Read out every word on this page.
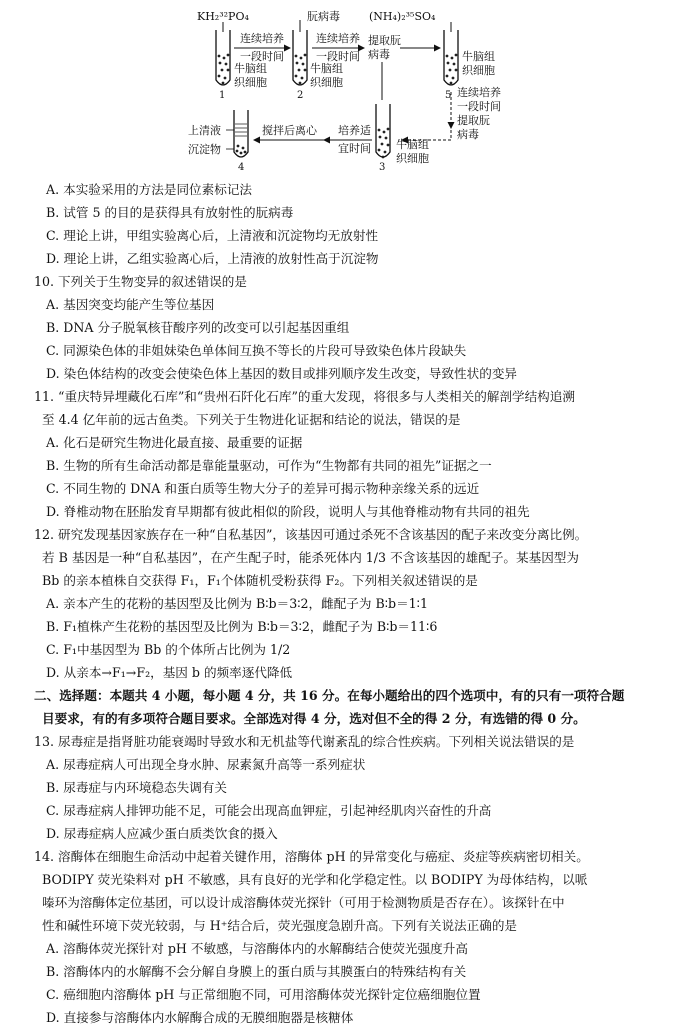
KH₂³²PO₄	(NH₄)₂³⁵SO₄
朊病毒
1
连续培养
一段时间
牛脑组
织细胞
2
牛脑组
织细胞
连续培养
一段时间
提取朊
病毒
5
牛脑组
织细胞
连续培养
一段时间
提取朊
病毒
3
牛脑组
织细胞
培养适
宜时间
搅拌后离心
上清液
沉淀物
4
A. 本实验采用的方法是同位素标记法
B. 试管 5 的目的是获得具有放射性的朊病毒
C. 理论上讲，甲组实验离心后，上清液和沉淀物均无放射性
D. 理论上讲，乙组实验离心后，上清液的放射性高于沉淀物
10. 下列关于生物变异的叙述错误的是
A. 基因突变均能产生等位基因
B. DNA 分子脱氧核苷酸序列的改变可以引起基因重组
C. 同源染色体的非姐妹染色单体间互换不等长的片段可导致染色体片段缺失
D. 染色体结构的改变会使染色体上基因的数目或排列顺序发生改变，导致性状的变异
11. “重庆特异埋藏化石库”和“贵州石阡化石库”的重大发现，将很多与人类相关的解剖学结构追溯
至 4.4 亿年前的远古鱼类。下列关于生物进化证据和结论的说法，错误的是
A. 化石是研究生物进化最直接、最重要的证据
B. 生物的所有生命活动都是靠能量驱动，可作为“生物都有共同的祖先”证据之一
C. 不同生物的 DNA 和蛋白质等生物大分子的差异可揭示物种亲缘关系的远近
D. 脊椎动物在胚胎发育早期都有彼此相似的阶段，说明人与其他脊椎动物有共同的祖先
12. 研究发现基因家族存在一种“自私基因”，该基因可通过杀死不含该基因的配子来改变分离比例。
若 B 基因是一种“自私基因”，在产生配子时，能杀死体内 1/3 不含该基因的雄配子。某基因型为
Bb 的亲本植株自交获得 F₁，F₁个体随机受粉获得 F₂。下列相关叙述错误的是
A. 亲本产生的花粉的基因型及比例为 B∶b＝3∶2，雌配子为 B∶b＝1∶1
B. F₁植株产生花粉的基因型及比例为 B∶b＝3∶2，雌配子为 B∶b＝11∶6
C. F₁中基因型为 Bb 的个体所占比例为 1/2
D. 从亲本→F₁→F₂，基因 b 的频率逐代降低
二、选择题：本题共 4 小题，每小题 4 分，共 16 分。在每小题给出的四个选项中，有的只有一项符合题
目要求，有的有多项符合题目要求。全部选对得 4 分，选对但不全的得 2 分，有选错的得 0 分。
13. 尿毒症是指肾脏功能衰竭时导致水和无机盐等代谢紊乱的综合性疾病。下列相关说法错误的是
A. 尿毒症病人可出现全身水肿、尿素氮升高等一系列症状
B. 尿毒症与内环境稳态失调有关
C. 尿毒症病人排钾功能不足，可能会出现高血钾症，引起神经肌肉兴奋性的升高
D. 尿毒症病人应减少蛋白质类饮食的摄入
14. 溶酶体在细胞生命活动中起着关键作用，溶酶体 pH 的异常变化与癌症、炎症等疾病密切相关。
BODIPY 荧光染料对 pH 不敏感，具有良好的光学和化学稳定性。以 BODIPY 为母体结构，以哌
嗪环为溶酶体定位基团，可以设计成溶酶体荧光探针（可用于检测物质是否存在）。该探针在中
性和碱性环境下荧光较弱，与 H⁺结合后，荧光强度急剧升高。下列有关说法正确的是
A. 溶酶体荧光探针对 pH 不敏感，与溶酶体内的水解酶结合使荧光强度升高
B. 溶酶体内的水解酶不会分解自身膜上的蛋白质与其膜蛋白的特殊结构有关
C. 癌细胞内溶酶体 pH 与正常细胞不同，可用溶酶体荧光探针定位癌细胞位置
D. 直接参与溶酶体内水解酶合成的无膜细胞器是核糖体
